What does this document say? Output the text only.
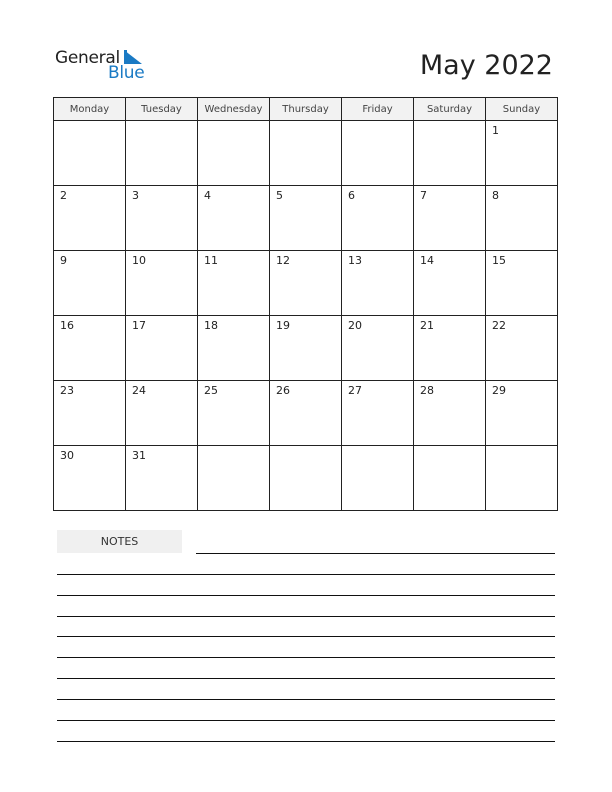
General
Blue	May 2022
Monday	Tuesday	Wednesday	Thursday	Friday	Saturday	Sunday

						1

2	3	4	5	6	7	8

9	10	11	12	13	14	15

16	17	18	19	20	21	22

23	24	25	26	27	28	29

30	31					

NOTES
